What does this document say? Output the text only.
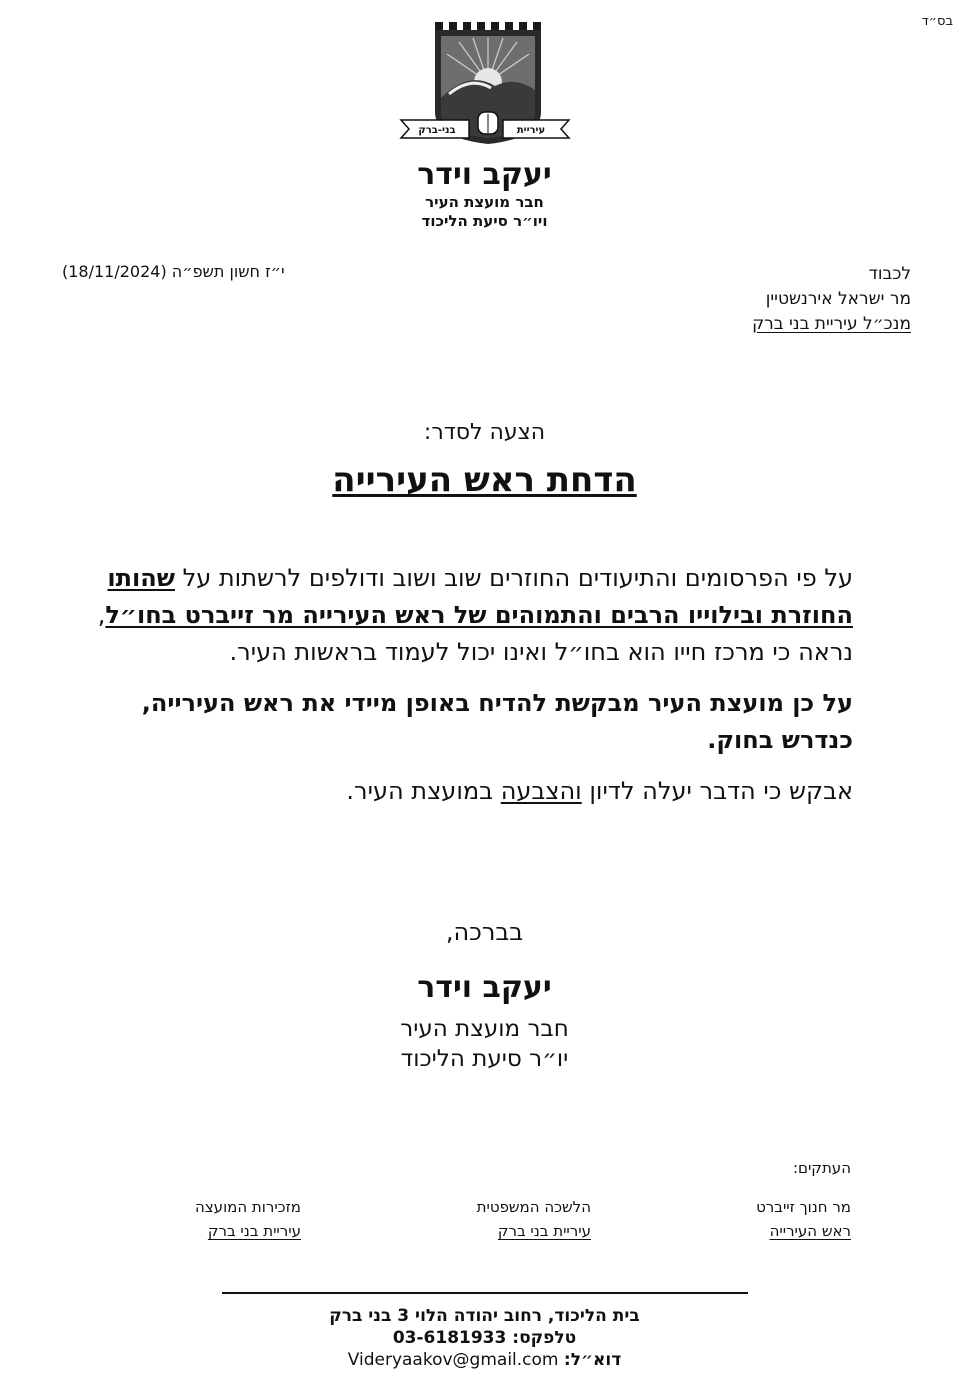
בס״ד
בני-ברק	עיריית
יעקב וידר
חבר מועצת העיר
ויו״ר סיעת הליכוד
לכבוד
מר ישראל אירנשטיין
מנכ״ל עיריית בני ברק
י״ז חשון תשפ״ה (18/11/2024)
הצעה לסדר:
הדחת ראש העירייה

על פי הפרסומים והתיעודים החוזרים שוב ושוב ודולפים לרשתות על שהותו החוזרת ובילוייו הרבים והתמוהים של ראש העירייה מר זייברט בחו״ל, נראה כי מרכז חייו הוא בחו״ל ואינו יכול לעמוד בראשות העיר.

על כן מועצת העיר מבקשת להדיח באופן מיידי את ראש העירייה, כנדרש בחוק.

אבקש כי הדבר יעלה לדיון והצבעה במועצת העיר.

בברכה,
יעקב וידר
חבר מועצת העיר
יו״ר סיעת הליכוד
העתקים:
מר חנוך זייברט
ראש העירייה
הלשכה המשפטית
עיריית בני ברק
מזכירות המועצה
עיריית בני ברק
בית הליכוד, רחוב יהודה הלוי 3 בני ברק
טלפקס: 03-6181933
דוא״ל: Videryaakov@gmail.com
